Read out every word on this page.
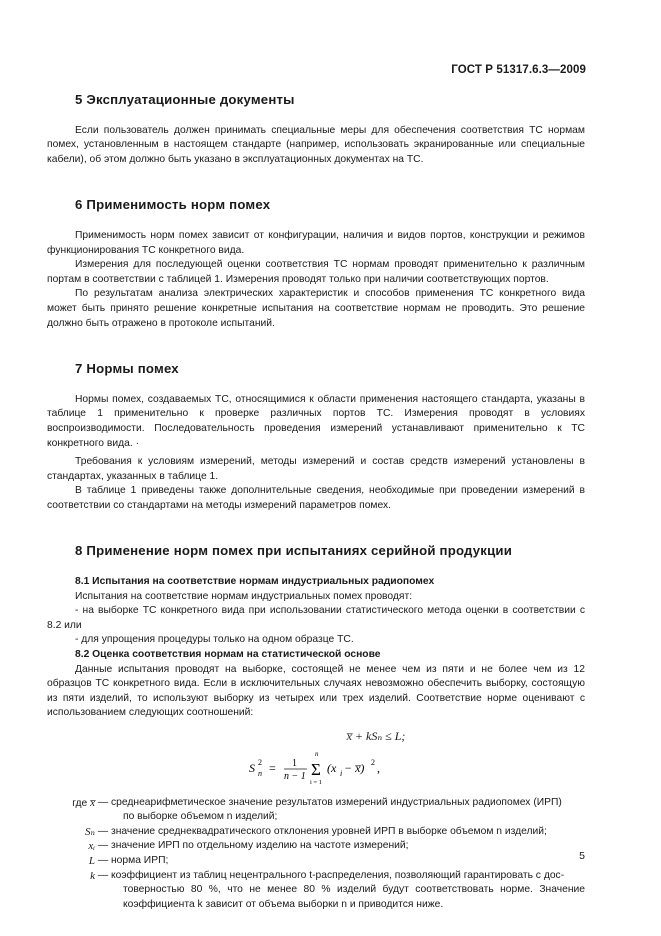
ГОСТ Р 51317.6.3—2009
5 Эксплуатационные документы

Если пользователь должен принимать специальные меры для обеспечения соответствия ТС нормам помех, установленным в настоящем стандарте (например, использовать экранированные или специальные кабели), об этом должно быть указано в эксплуатационных документах на ТС.

6 Применимость норм помех

Применимость норм помех зависит от конфигурации, наличия и видов портов, конструкции и режимов функционирования ТС конкретного вида.

Измерения для последующей оценки соответствия ТС нормам проводят применительно к различным портам в соответствии с таблицей 1. Измерения проводят только при наличии соответствующих портов.

По результатам анализа электрических характеристик и способов применения ТС конкретного вида может быть принято решение конкретные испытания на соответствие нормам не проводить. Это решение должно быть отражено в протоколе испытаний.

7 Нормы помех

Нормы помех, создаваемых ТС, относящимися к области применения настоящего стандарта, указаны в таблице 1 применительно к проверке различных портов ТС. Измерения проводят в условиях воспроизводимости. Последовательность проведения измерений устанавливают применительно к ТС конкретного вида. ·

Требования к условиям измерений, методы измерений и состав средств измерений установлены в стандартах, указанных в таблице 1.

В таблице 1 приведены также дополнительные сведения, необходимые при проведении измерений в соответствии со стандартами на методы измерений параметров помех.

8 Применение норм помех при испытаниях серийной продукции

8.1 Испытания на соответствие нормам индустриальных радиопомех

Испытания на соответствие нормам индустриальных помех проводят:

- на выборке ТС конкретного вида при использовании статистического метода оценки в соответствии с 8.2 или

- для упрощения процедуры только на одном образце ТС.

8.2 Оценка соответствия нормам на статистической основе

Данные испытания проводят на выборке, состоящей не менее чем из пяти и не более чем из 12 образцов ТС конкретного вида. Если в исключительных случаях невозможно обеспечить выборку, состоящую из пяти изделий, то используют выборку из четырех или трех изделий. Соответствие норме оценивают с использованием следующих соотношений:

x̅ + kSₙ ≤ L;

S 2
n = 1
n − 1
n
Σ
i = 1
(x i − x̅) 2 ,
где x̅ — среднеарифметическое значение результатов измерений индустриальных радиопомех (ИРП)
по выборке объемом n изделий;
Sₙ — значение среднеквадратического отклонения уровней ИРП в выборке объемом n изделий;
xᵢ — значение ИРП по отдельному изделию на частоте измерений;
L — норма ИРП;
k — коэффициент из таблиц нецентрального t-распределения, позволяющий гарантировать с дос-
товерностью 80 %, что не менее 80 % изделий будут соответствовать норме. Значение коэффициента k зависит от объема выборки n и приводится ниже.
5
